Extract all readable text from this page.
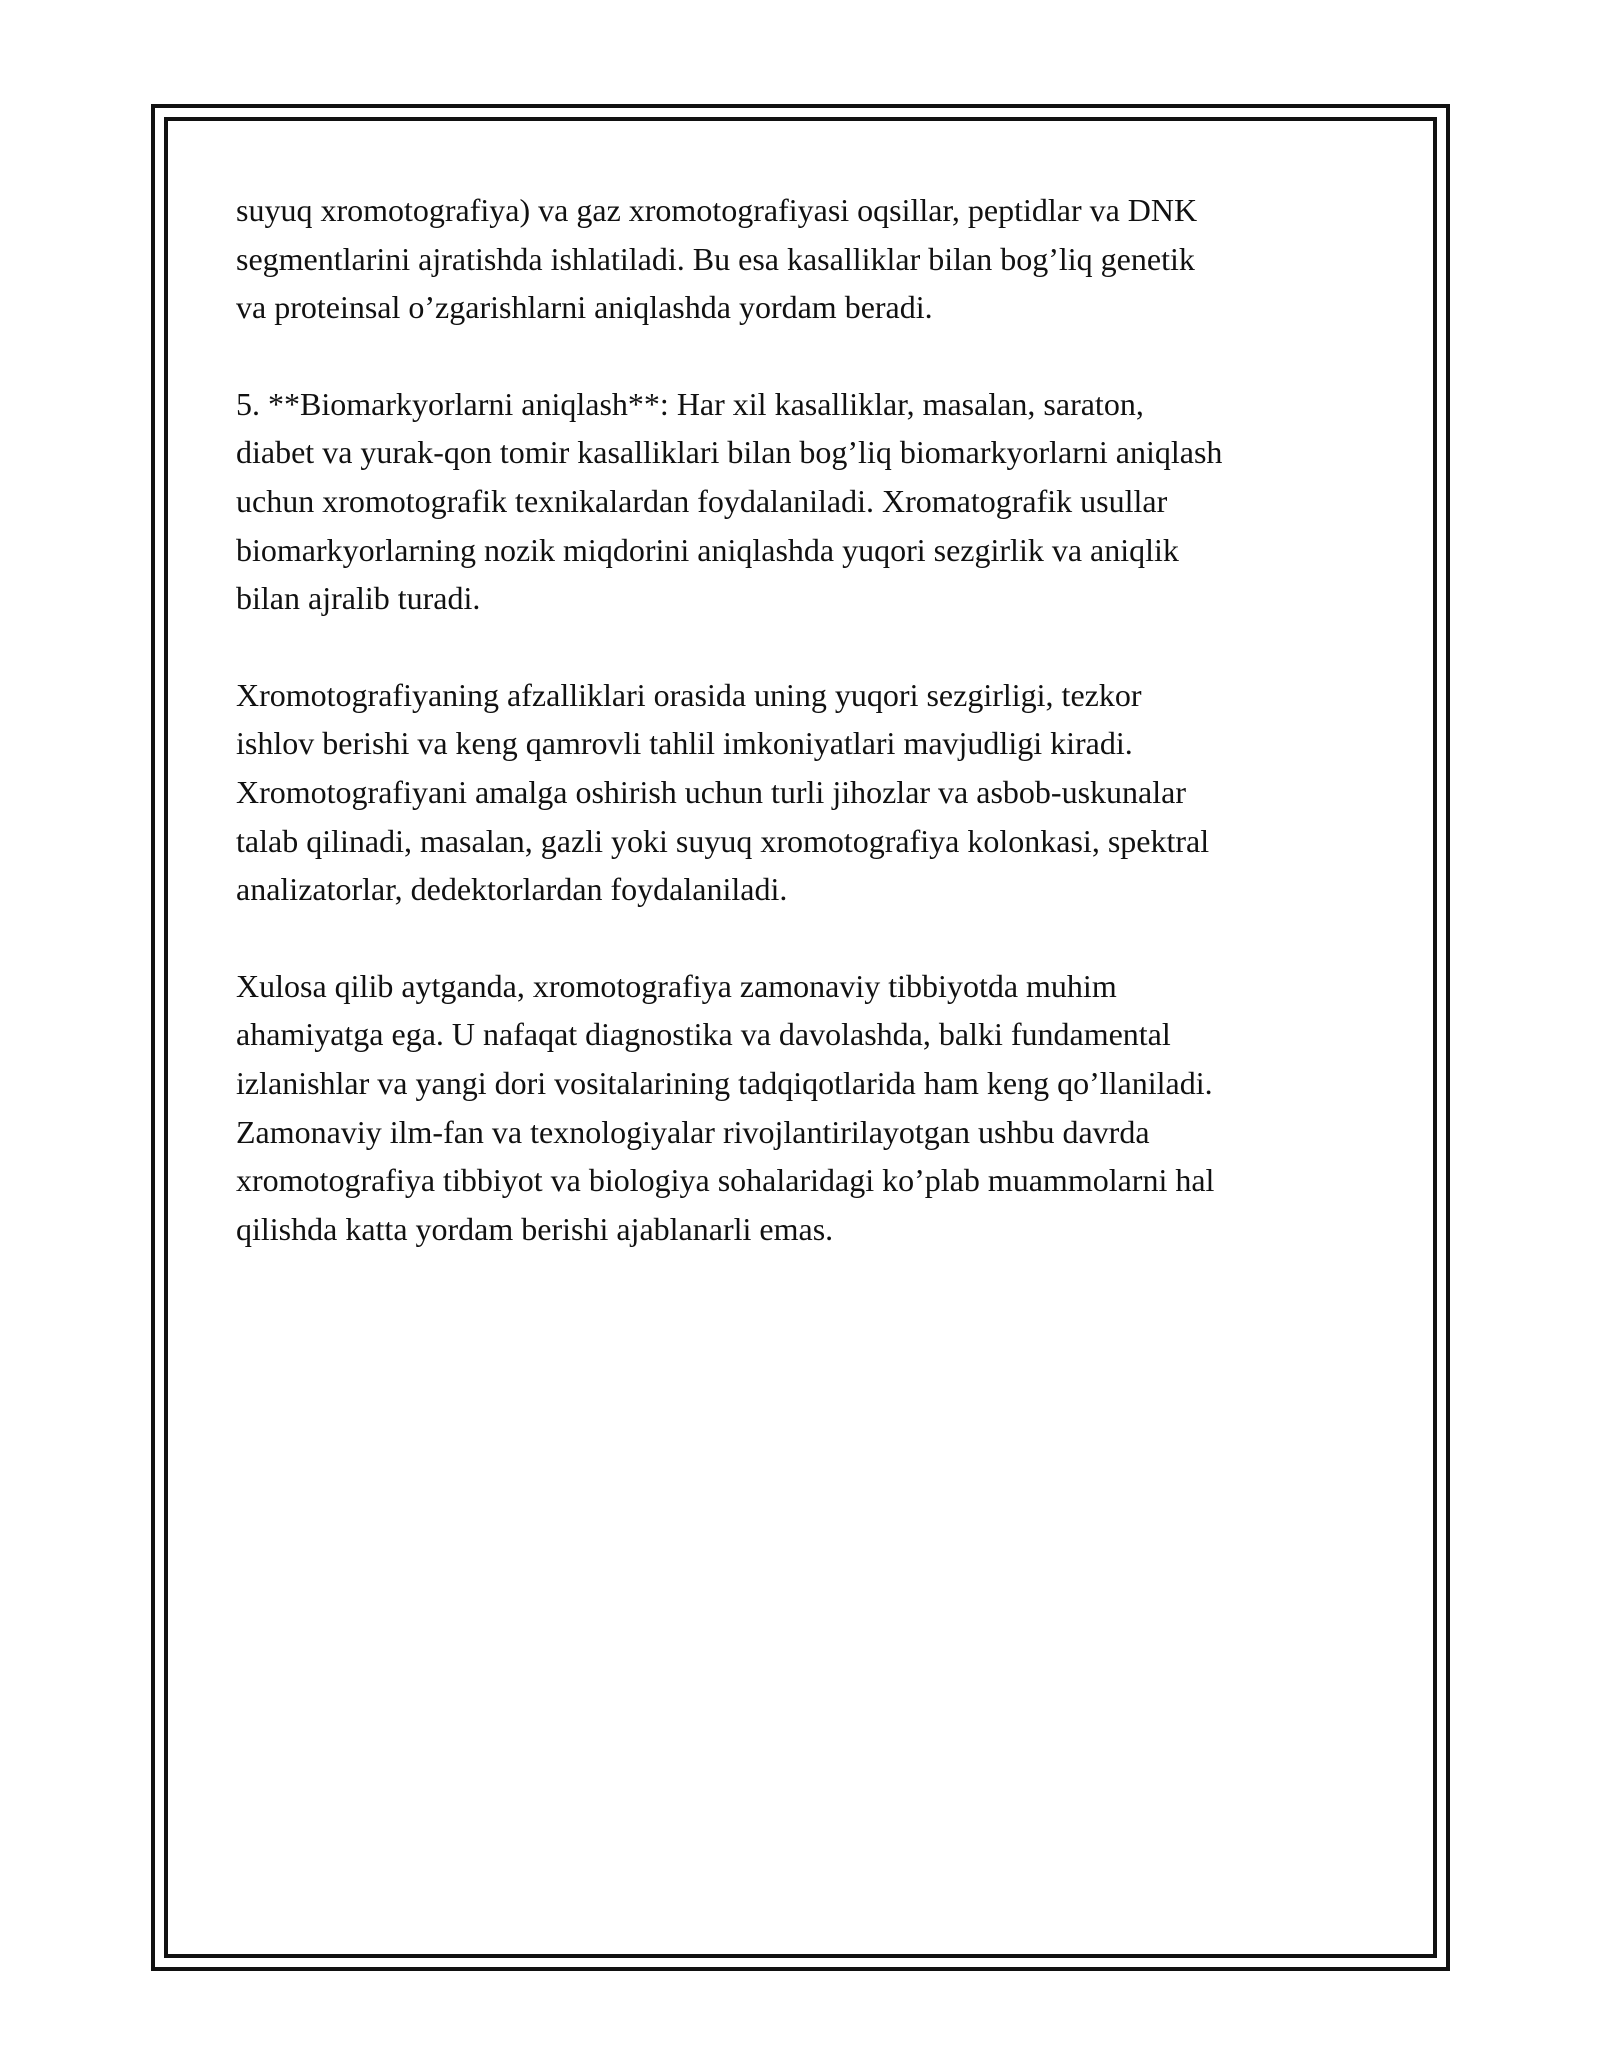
suyuq xromotografiya) va gaz xromotografiyasi oqsillar, peptidlar va DNK
segmentlarini ajratishda ishlatiladi. Bu esa kasalliklar bilan bog’liq genetik
va proteinsal o’zgarishlarni aniqlashda yordam beradi.

5. **Biomarkyorlarni aniqlash**: Har xil kasalliklar, masalan, saraton,
diabet va yurak-qon tomir kasalliklari bilan bog’liq biomarkyorlarni aniqlash
uchun xromotografik texnikalardan foydalaniladi. Xromatografik usullar
biomarkyorlarning nozik miqdorini aniqlashda yuqori sezgirlik va aniqlik
bilan ajralib turadi.

Xromotografiyaning afzalliklari orasida uning yuqori sezgirligi, tezkor
ishlov berishi va keng qamrovli tahlil imkoniyatlari mavjudligi kiradi.
Xromotografiyani amalga oshirish uchun turli jihozlar va asbob-uskunalar
talab qilinadi, masalan, gazli yoki suyuq xromotografiya kolonkasi, spektral
analizatorlar, dedektorlardan foydalaniladi.

Xulosa qilib aytganda, xromotografiya zamonaviy tibbiyotda muhim
ahamiyatga ega. U nafaqat diagnostika va davolashda, balki fundamental
izlanishlar va yangi dori vositalarining tadqiqotlarida ham keng qo’llaniladi.
Zamonaviy ilm-fan va texnologiyalar rivojlantirilayotgan ushbu davrda
xromotografiya tibbiyot va biologiya sohalaridagi ko’plab muammolarni hal
qilishda katta yordam berishi ajablanarli emas.
